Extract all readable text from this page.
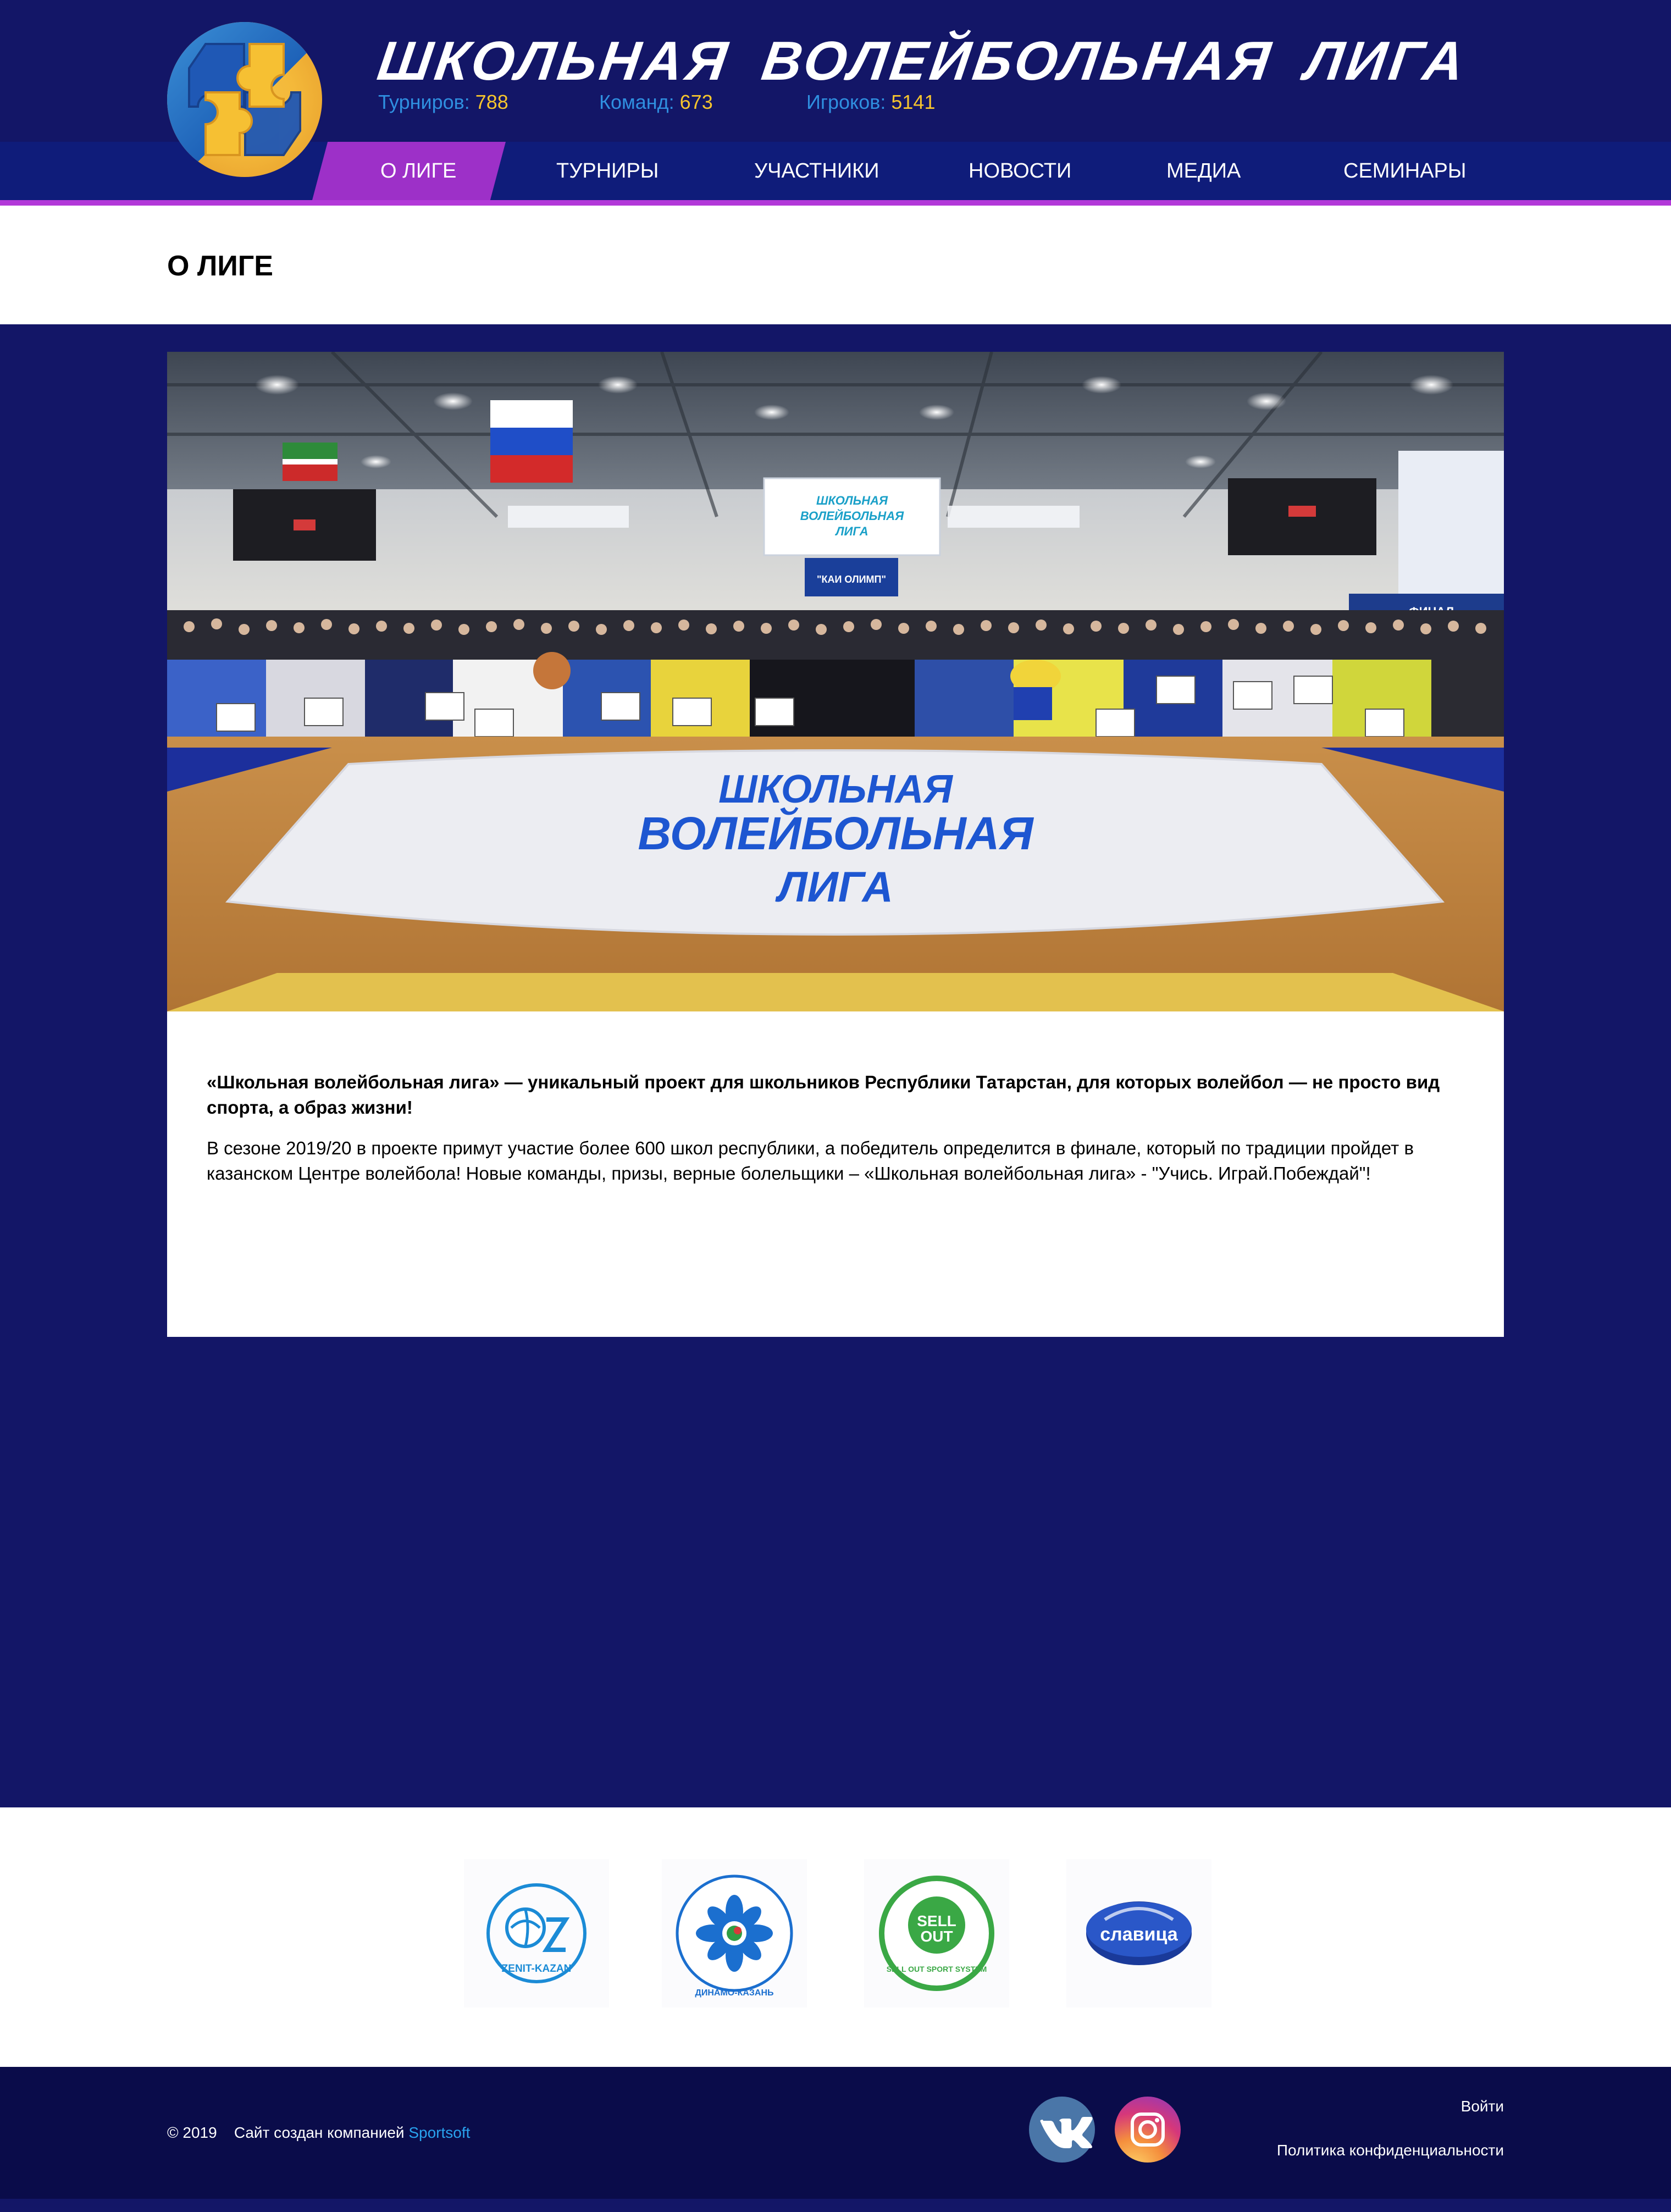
ШКОЛЬНАЯ ВОЛЕЙБОЛЬНАЯ ЛИГА
Турниров: 788	Команд: 673	Игроков: 5141
О ЛИГЕ	ТУРНИРЫ	УЧАСТНИКИ	НОВОСТИ	МЕДИА	СЕМИНАРЫ
О ЛИГЕ
ШКОЛЬНАЯ
ВОЛЕЙБОЛЬНАЯ
ЛИГА
"КАИ ОЛИМП"
ШКОЛЬНАЯ
ВОЛЕЙБОЛЬНАЯ
ЛИГА

«Школьная волейбольная лига» — уникальный проект для школьников Республики Татарстан, для которых волейбол — не просто вид спорта, а образ жизни!

В сезоне 2019/20 в проекте примут участие более 600 школ республики, а победитель определится в финале, который по традиции пройдет в казанском Центре волейбола! Новые команды, призы, верные болельщики – «Школьная волейбольная лига» - "Учись. Играй.Побеждай"!

ZENIT-KAZAN
ДИНАМО-КАЗАНЬ
SELL
OUT
SELL OUT SPORT SYSTEM
славица
© 2019 Сайт создан компанией Sportsoft
Войти
Политика конфиденциальности
